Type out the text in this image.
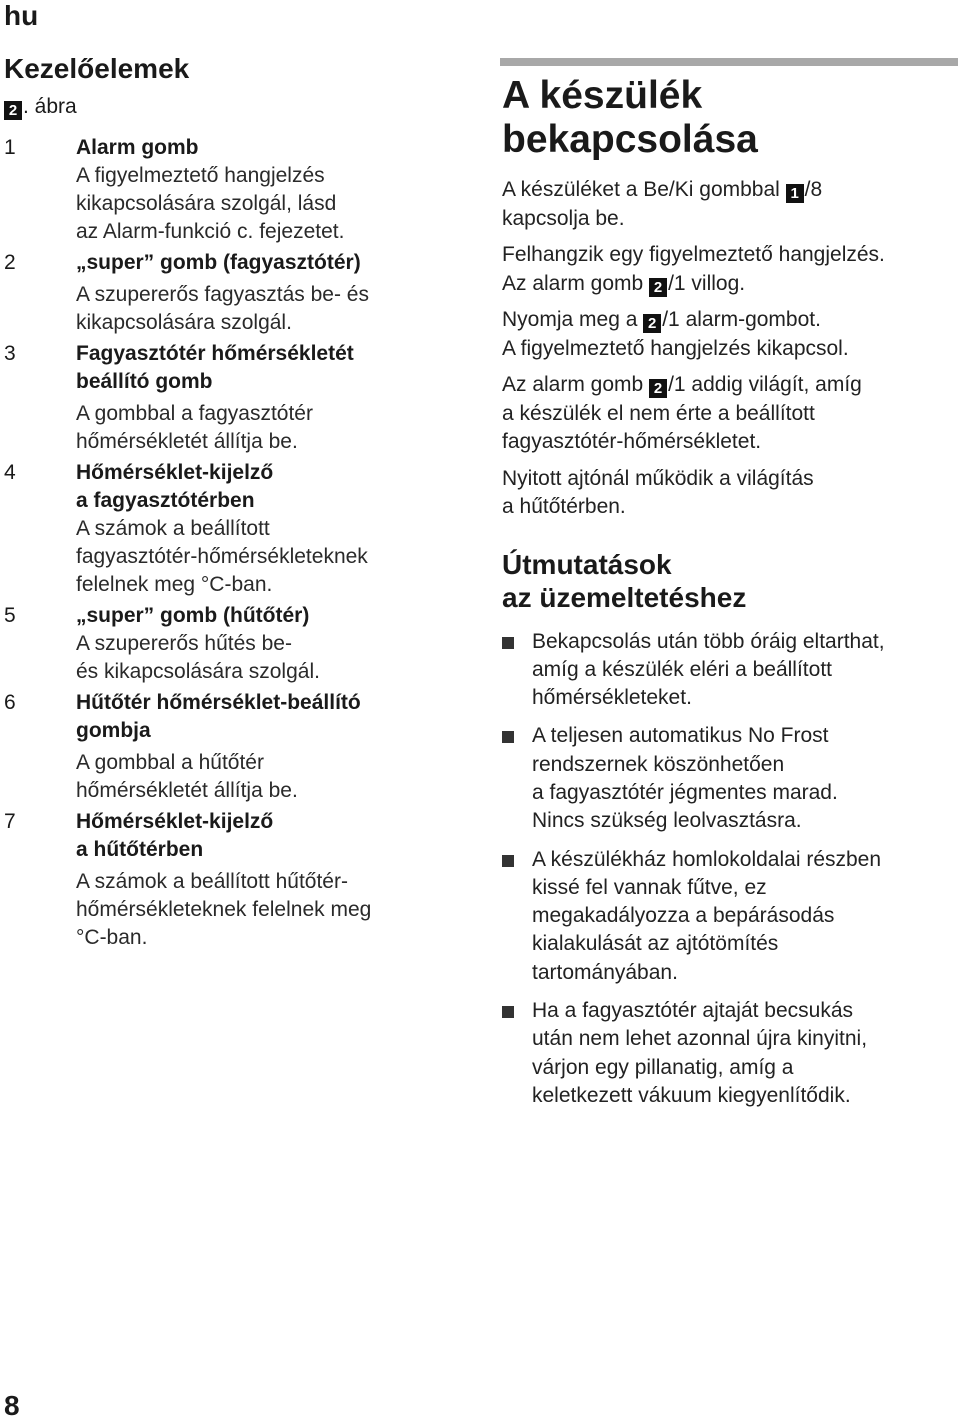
hu
Kezelőelemek
2 . ábra
1	Alarm gomb
A figyelmeztető hangjelzés
kikapcsolására szolgál, lásd
az Alarm-funkció c. fejezetet.
2	„super” gomb (fagyasztótér)
A szupererős fagyasztás be- és
kikapcsolására szolgál.
3	Fagyasztótér hőmérsékletét
beállító gomb
A gombbal a fagyasztótér
hőmérsékletét állítja be.
4	Hőmérséklet-kijelző
a fagyasztótérben
A számok a beállított
fagyasztótér-hőmérsékleteknek
felelnek meg °C-ban.
5	„super” gomb (hűtőtér)
A szupererős hűtés be-
és kikapcsolására szolgál.
6	Hűtőtér hőmérséklet-beállító
gombja
A gombbal a hűtőtér
hőmérsékletét állítja be.
7	Hőmérséklet-kijelző
a hűtőtérben
A számok a beállított hűtőtér-
hőmérsékleteknek felelnek meg
°C-ban.
A készülék
bekapcsolása

A készüléket a Be/Ki gombbal 1 /8
kapcsolja be.

Felhangzik egy figyelmeztető hangjelzés.
Az alarm gomb 2 /1 villog.

Nyomja meg a 2 /1 alarm-gombot.
A figyelmeztető hangjelzés kikapcsol.

Az alarm gomb 2 /1 addig világít, amíg
a készülék el nem érte a beállított
fagyasztótér-hőmérsékletet.

Nyitott ajtónál működik a világítás
a hűtőtérben.

Útmutatások
az üzemeltetéshez
Bekapcsolás után több óráig eltarthat,
amíg a készülék eléri a beállított
hőmérsékleteket.
A teljesen automatikus No Frost
rendszernek köszönhetően
a fagyasztótér jégmentes marad.
Nincs szükség leolvasztásra.
A készülékház homlokoldalai részben
kissé fel vannak fűtve, ez
megakadályozza a bepárásodás
kialakulását az ajtótömítés
tartományában.
Ha a fagyasztótér ajtaját becsukás
után nem lehet azonnal újra kinyitni,
várjon egy pillanatig, amíg a
keletkezett vákuum kiegyenlítődik.
8
